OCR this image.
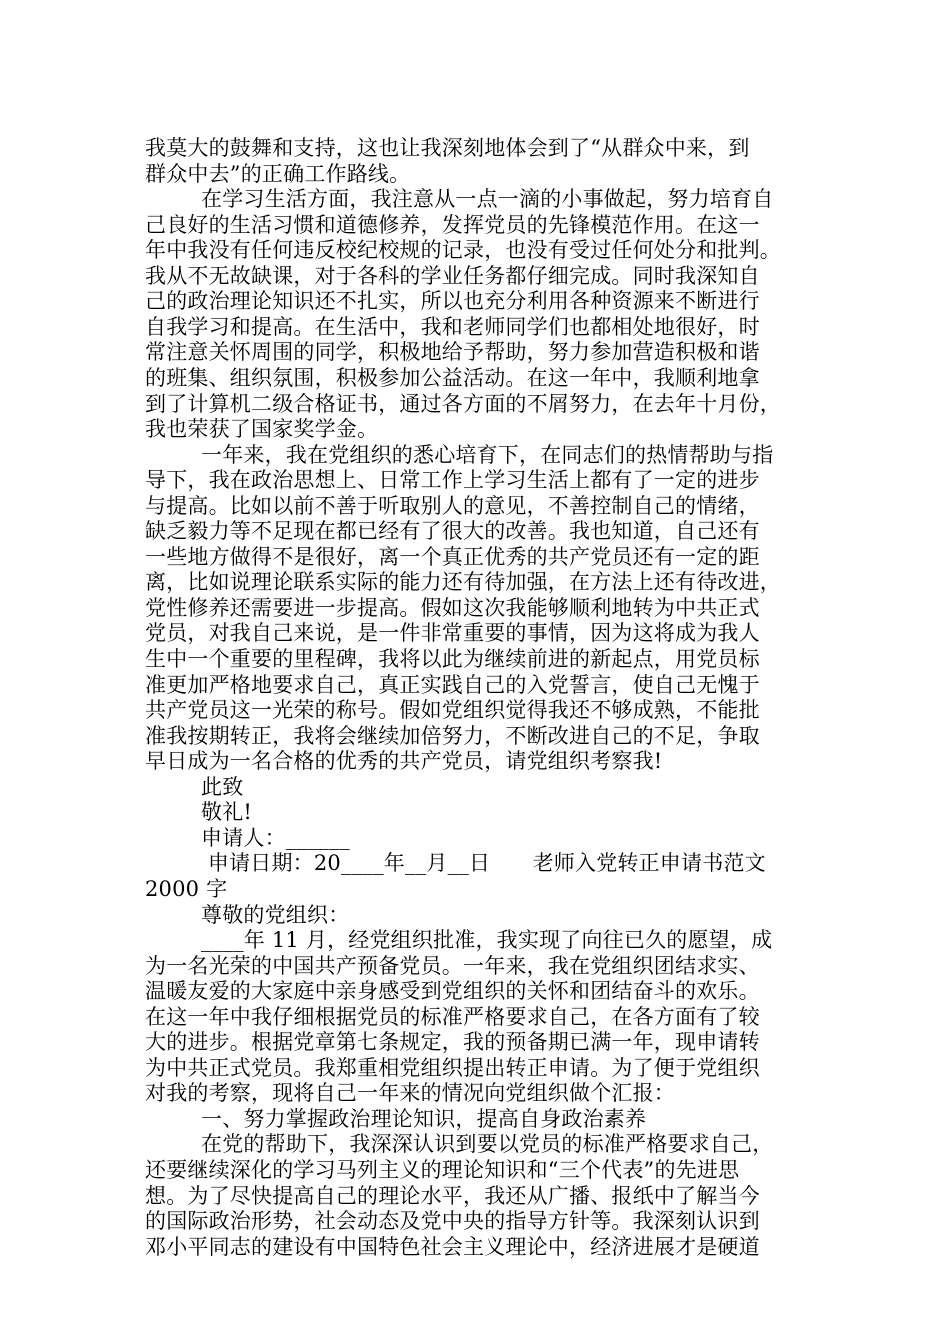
我莫大的鼓舞和支持，这也让我深刻地体会到了“从群众中来，到
群众中去”的正确工作路线。
在学习生活方面，我注意从一点一滴的小事做起，努力培育自
己良好的生活习惯和道德修养，发挥党员的先锋模范作用。在这一
年中我没有任何违反校纪校规的记录，也没有受过任何处分和批判。
我从不无故缺课，对于各科的学业任务都仔细完成。同时我深知自
己的政治理论知识还不扎实，所以也充分利用各种资源来不断进行
自我学习和提高。在生活中，我和老师同学们也都相处地很好，时
常注意关怀周围的同学，积极地给予帮助，努力参加营造积极和谐
的班集、组织氛围，积极参加公益活动。在这一年中，我顺利地拿
到了计算机二级合格证书，通过各方面的不屑努力，在去年十月份，
我也荣获了国家奖学金。
一年来，我在党组织的悉心培育下，在同志们的热情帮助与指
导下，我在政治思想上、日常工作上学习生活上都有了一定的进步
与提高。比如以前不善于听取别人的意见，不善控制自己的情绪，
缺乏毅力等不足现在都已经有了很大的改善。我也知道，自己还有
一些地方做得不是很好，离一个真正优秀的共产党员还有一定的距
离，比如说理论联系实际的能力还有待加强，在方法上还有待改进，
党性修养还需要进一步提高。假如这次我能够顺利地转为中共正式
党员，对我自己来说，是一件非常重要的事情，因为这将成为我人
生中一个重要的里程碑，我将以此为继续前进的新起点，用党员标
准更加严格地要求自己，真正实践自己的入党誓言，使自己无愧于
共产党员这一光荣的称号。假如党组织觉得我还不够成熟，不能批
准我按期转正，我将会继续加倍努力，不断改进自己的不足，争取
早日成为一名合格的优秀的共产党员，请党组织考察我!
此致
敬礼!
申请人：______
申请日期：20____年__月__日　　老师入党转正申请书范文
2000 字
尊敬的党组织：
____年 11 月，经党组织批准，我实现了向往已久的愿望，成
为一名光荣的中国共产预备党员。一年来，我在党组织团结求实、
温暖友爱的大家庭中亲身感受到党组织的关怀和团结奋斗的欢乐。
在这一年中我仔细根据党员的标准严格要求自己，在各方面有了较
大的进步。根据党章第七条规定，我的预备期已满一年，现申请转
为中共正式党员。我郑重相党组织提出转正申请。为了便于党组织
对我的考察，现将自己一年来的情况向党组织做个汇报：
一、努力掌握政治理论知识，提高自身政治素养
在党的帮助下，我深深认识到要以党员的标准严格要求自己，
还要继续深化的学习马列主义的理论知识和“三个代表”的先进思
想。为了尽快提高自己的理论水平，我还从广播、报纸中了解当今
的国际政治形势，社会动态及党中央的指导方针等。我深刻认识到
邓小平同志的建设有中国特色社会主义理论中，经济进展才是硬道
